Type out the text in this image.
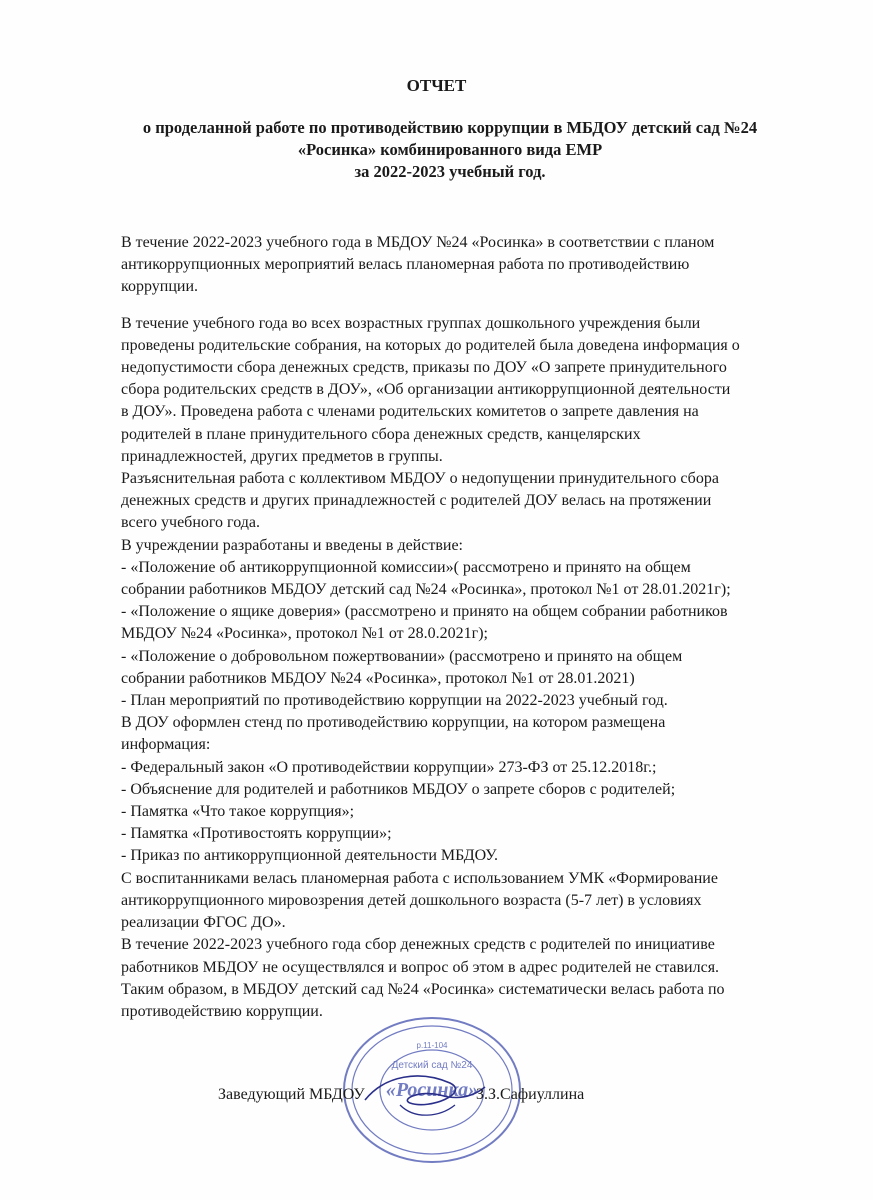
ОТЧЕТ
о проделанной работе по противодействию коррупции в МБДОУ детский сад №24
«Росинка» комбинированного вида ЕМР
за 2022-2023 учебный год.

В течение 2022-2023 учебного года в МБДОУ №24 «Росинка» в соответствии с планом

антикоррупционных мероприятий велась планомерная работа по противодействию

коррупции.

В течение учебного года во всех возрастных группах дошкольного учреждения были

проведены родительские собрания, на которых до родителей была доведена информация о

недопустимости сбора денежных средств, приказы по ДОУ «О запрете принудительного

сбора родительских средств в ДОУ», «Об организации антикоррупционной деятельности

в ДОУ». Проведена работа с членами родительских комитетов о запрете давления на

родителей в плане принудительного сбора денежных средств, канцелярских

принадлежностей, других предметов в группы.

Разъяснительная работа с коллективом МБДОУ о недопущении принудительного сбора

денежных средств и других принадлежностей с родителей ДОУ велась на протяжении

всего учебного года.

В учреждении разработаны и введены в действие:

- «Положение об антикоррупционной комиссии»( рассмотрено и принято на общем

собрании работников МБДОУ детский сад №24 «Росинка», протокол №1 от 28.01.2021г);

- «Положение о ящике доверия» (рассмотрено и принято на общем собрании работников

МБДОУ №24 «Росинка», протокол №1 от 28.0.2021г);

- «Положение о добровольном пожертвовании» (рассмотрено и принято на общем

собрании работников МБДОУ №24 «Росинка», протокол №1 от 28.01.2021)

- План мероприятий по противодействию коррупции на 2022-2023 учебный год.

В ДОУ оформлен стенд по противодействию коррупции, на котором размещена

информация:

- Федеральный закон «О противодействии коррупции» 273-ФЗ от 25.12.2018г.;

- Объяснение для родителей и работников МБДОУ о запрете сборов с родителей;

- Памятка «Что такое коррупция»;

- Памятка «Противостоять коррупции»;

- Приказ по антикоррупционной деятельности МБДОУ.

С воспитанниками велась планомерная работа с использованием УМК «Формирование

антикоррупционного мировозрения детей дошкольного возраста (5-7 лет) в условиях

реализации ФГОС ДО».

В течение 2022-2023 учебного года сбор денежных средств с родителей по инициативе

работников МБДОУ не осуществлялся и вопрос об этом в адрес родителей не ставился.

Таким образом, в МБДОУ детский сад №24 «Росинка» систематически велась работа по

противодействию коррупции.

р.11-104
Детский сад №24
«Росинка»
Заведующий МБДОУ	З.З.Сафиуллина
